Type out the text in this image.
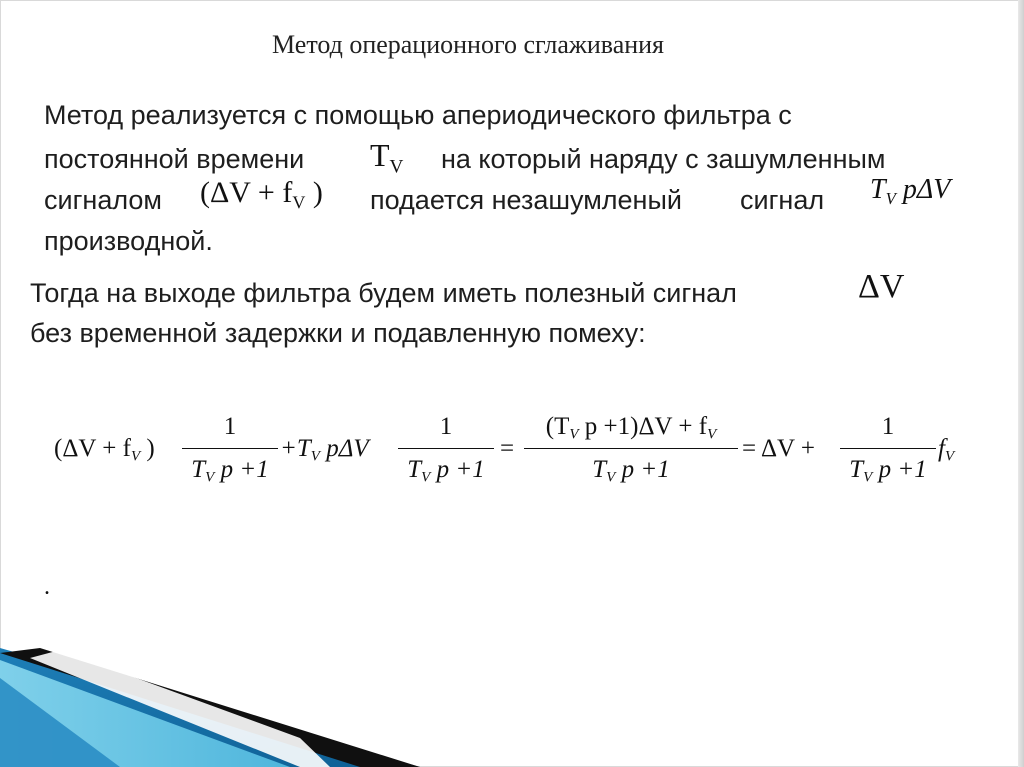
Метод операционного сглаживания
Метод реализуется с помощью апериодического фильтра с
постоянной времени $T_V$ на который наряду с зашумленным
сигналом ($\Delta V + f_V$ ) подается незашумленый сигнал $T_V$ pΔV
производной.
Тогда на выходе фильтра будем иметь полезный сигнал	ΔV
без временной задержки и подавленную помеху:
($\Delta V + f_V$ )
1
$T_V$ p +1
$+T_V$ pΔV
1
$T_V$ p +1
=
($T_V$ $p +1)\Delta V + f_V$
$T_V$ p +1
= ΔV +
1
$T_V$ p +1
$f_V$
.
